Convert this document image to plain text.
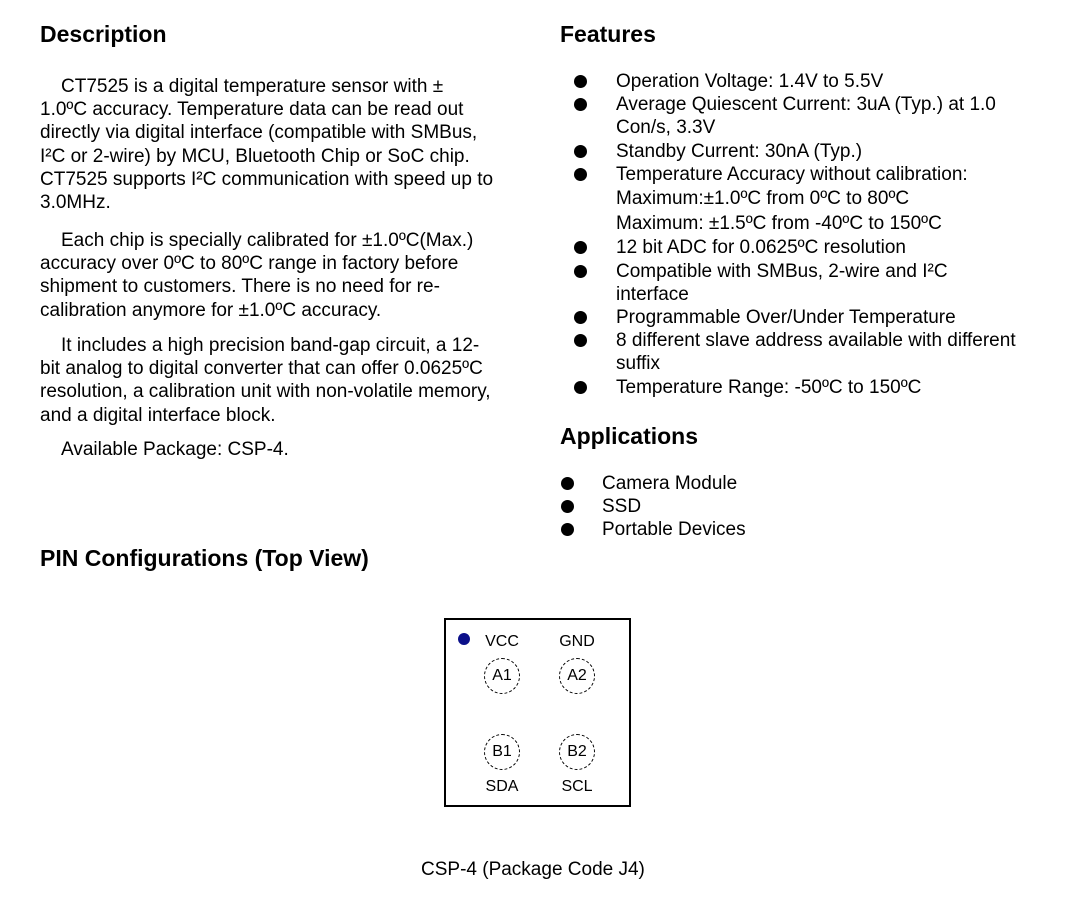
Description

CT7525 is a digital temperature sensor with ±
1.0ºC accuracy. Temperature data can be read out
directly via digital interface (compatible with SMBus,
I²C or 2-wire) by MCU, Bluetooth Chip or SoC chip.
CT7525 supports I²C communication with speed up to
3.0MHz.

Each chip is specially calibrated for ±1.0ºC(Max.)
accuracy over 0ºC to 80ºC range in factory before
shipment to customers. There is no need for re-
calibration anymore for ±1.0ºC accuracy.

It includes a high precision band-gap circuit, a 12-
bit analog to digital converter that can offer 0.0625ºC
resolution, a calibration unit with non-volatile memory,
and a digital interface block.

Available Package: CSP-4.

Features
Operation Voltage: 1.4V to 5.5V
Average Quiescent Current: 3uA (Typ.) at 1.0
Con/s, 3.3V
Standby Current: 30nA (Typ.)
Temperature Accuracy without calibration:
Maximum:±1.0ºC from 0ºC to 80ºC
Maximum: ±1.5ºC from -40ºC to 150ºC
12 bit ADC for 0.0625ºC resolution
Compatible with SMBus, 2-wire and I²C
interface
Programmable Over/Under Temperature
8 different slave address available with different
suffix
Temperature Range: -50ºC to 150ºC
Applications
Camera Module
SSD
Portable Devices
PIN Configurations (Top View)
VCC	GND
A1	A2
B1	B2
SDA	SCL
CSP-4 (Package Code J4)
